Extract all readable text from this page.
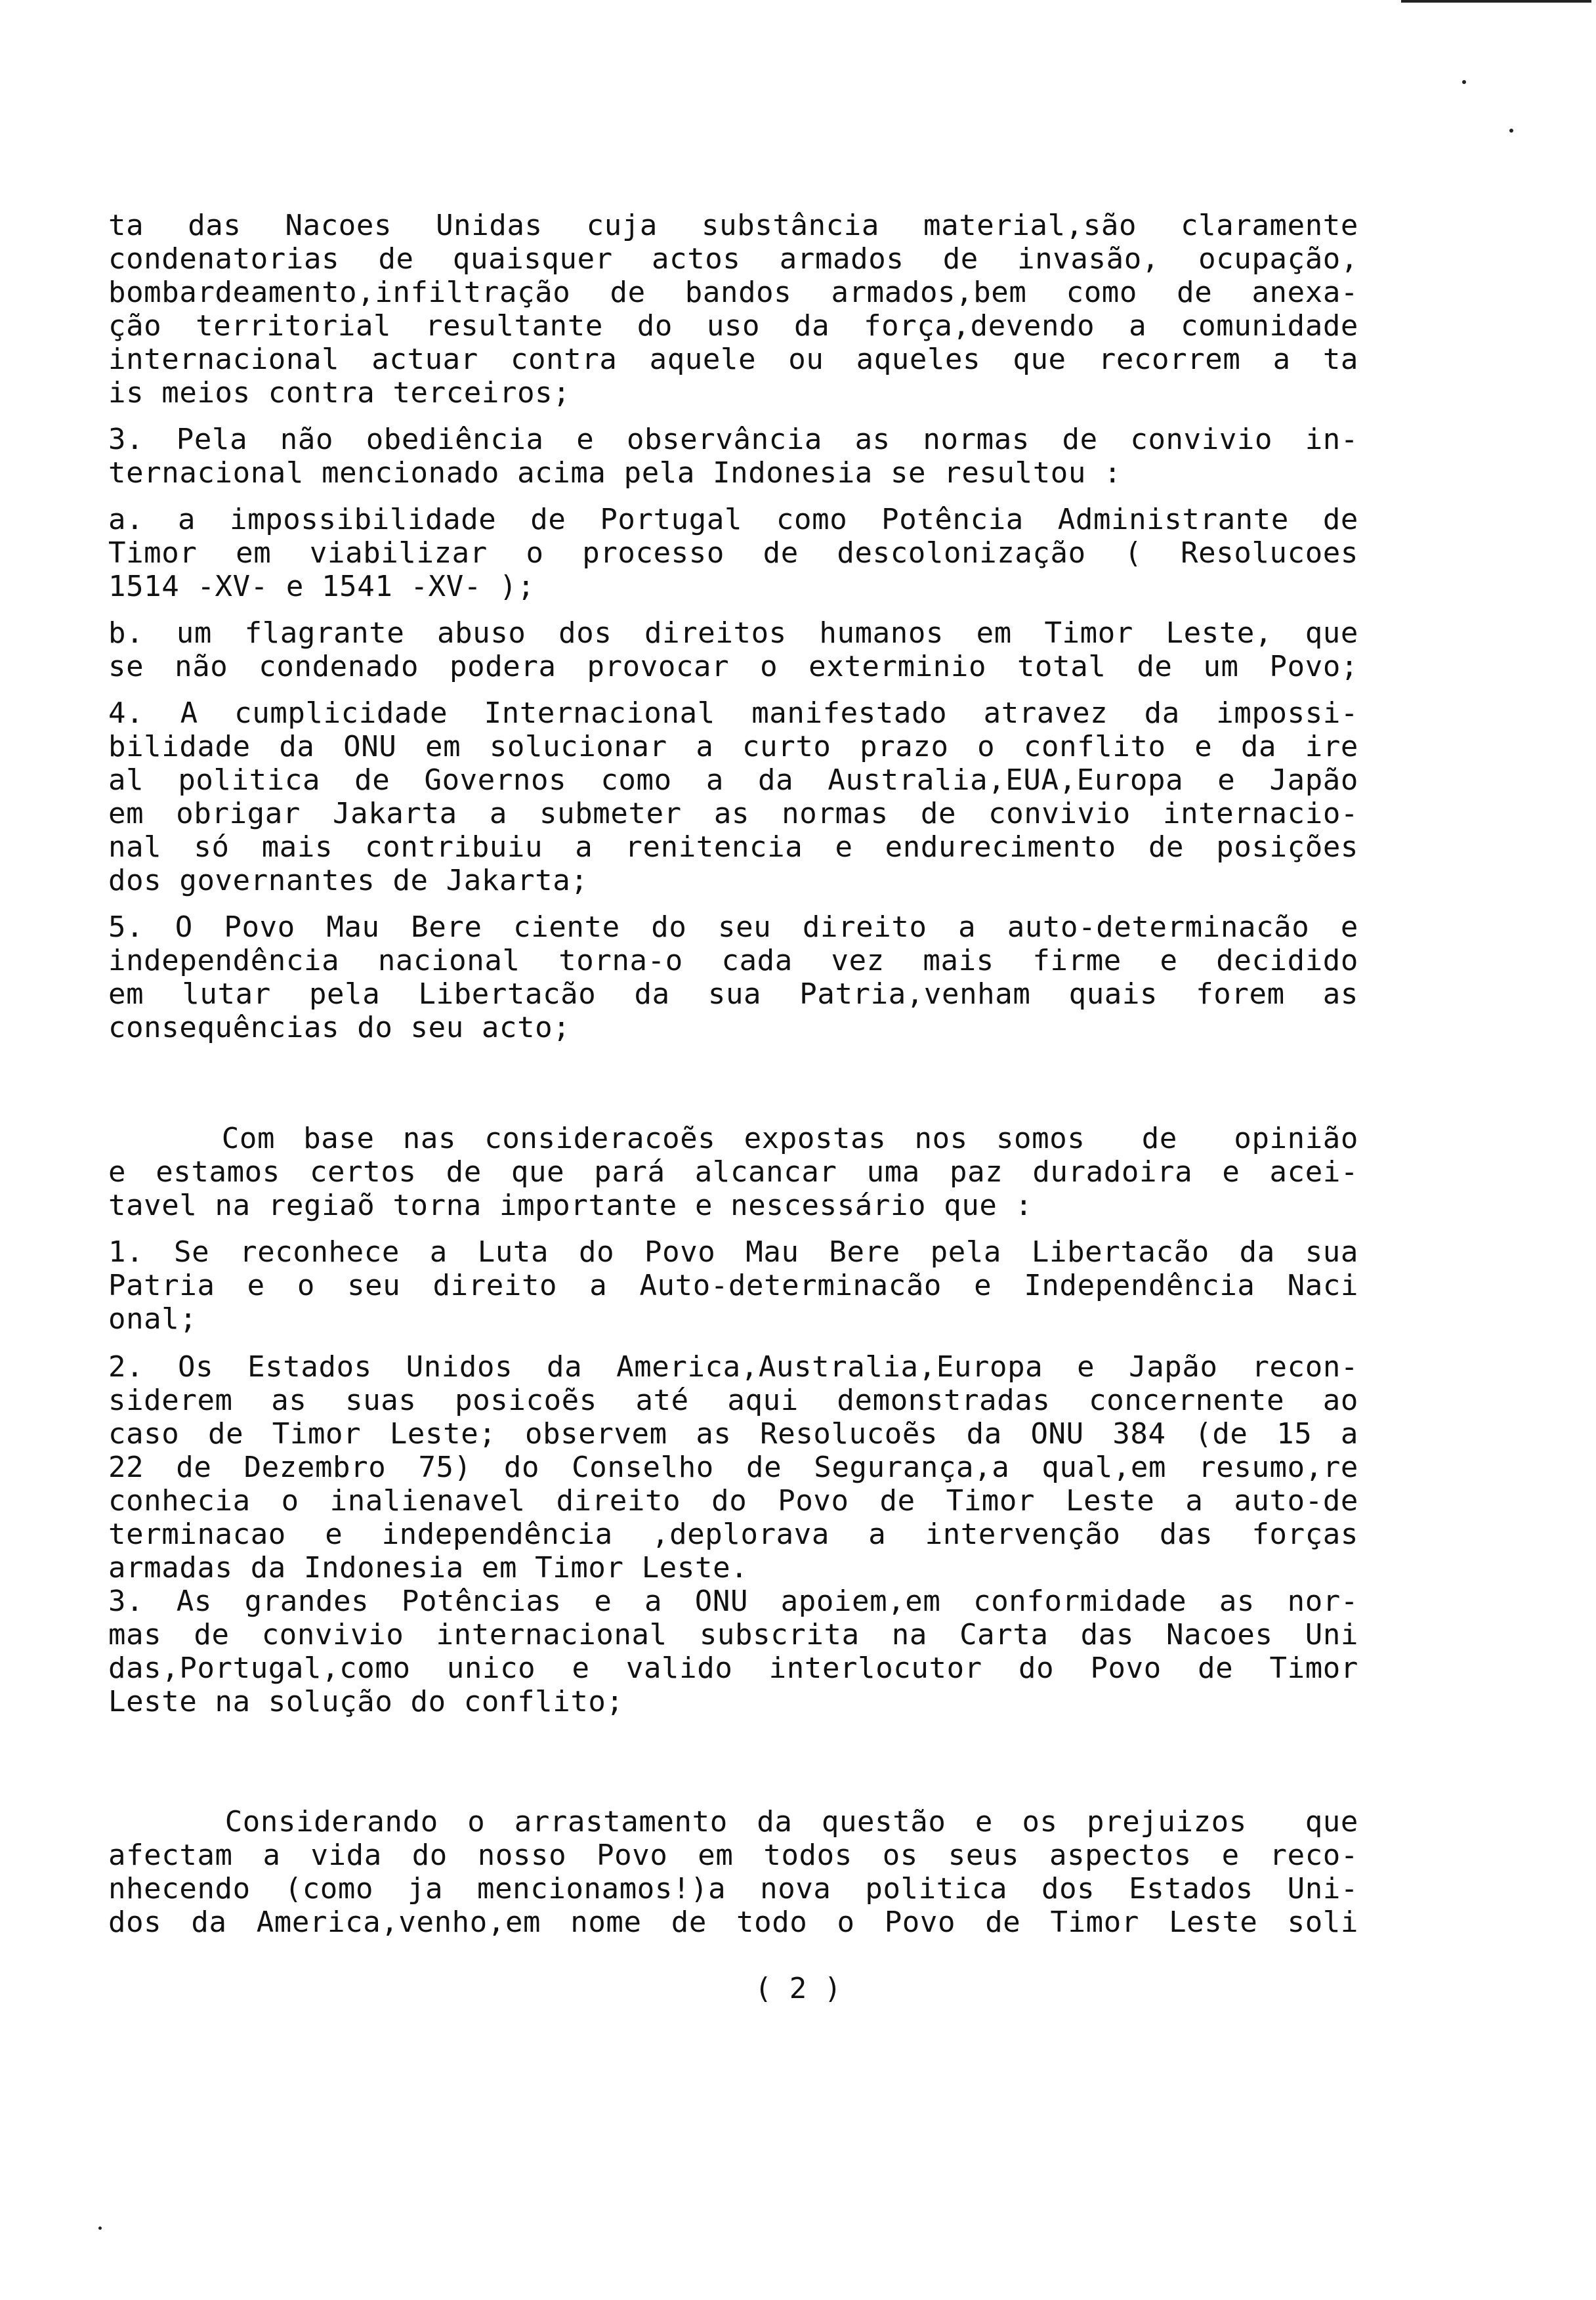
ta das Nacoes Unidas cuja substância material,são claramente
condenatorias de quaisquer actos armados de invasão, ocupação,
bombardeamento,infiltração de bandos armados,bem como de anexa-
ção territorial resultante do uso da força,devendo a comunidade
internacional actuar contra aquele ou aqueles que recorrem a ta
is meios contra terceiros;

3. Pela não obediência e observância as normas de convivio in-
ternacional mencionado acima pela Indonesia se resultou :

a. a impossibilidade de Portugal como Potência Administrante de
Timor em viabilizar o processo de descolonização ( Resolucoes
1514 -XV- e 1541 -XV- );

b. um flagrante abuso dos direitos humanos em Timor Leste, que
se não condenado podera provocar o exterminio total de um Povo;

4. A cumplicidade Internacional manifestado atravez da impossi-
bilidade da ONU em solucionar a curto prazo o conflito e da ire
al politica de Governos como a da Australia,EUA,Europa e Japão
em obrigar Jakarta a submeter as normas de convivio internacio-
nal só mais contribuiu a renitencia e endurecimento de posições
dos governantes de Jakarta;

5. O Povo Mau Bere ciente do seu direito a auto-determinacão e
independência nacional torna-o cada vez mais firme e decidido
em lutar pela Libertacão da sua Patria,venham quais forem as
consequências do seu acto;

Com base nas consideracoẽs expostas nos somos  de  opinião
e estamos certos de que pará alcancar uma paz duradoira e acei-
tavel na regiaõ torna importante e nescessário que :

1. Se reconhece a Luta do Povo Mau Bere pela Libertacão da sua
Patria e o seu direito a Auto-determinacão e Independência Naci
onal;

2. Os Estados Unidos da America,Australia,Europa e Japão recon-
siderem as suas posicoẽs até aqui demonstradas concernente ao
caso de Timor Leste; observem as Resolucoẽs da ONU 384 (de 15 a
22 de Dezembro 75) do Conselho de Segurança,a qual,em resumo,re
conhecia o inalienavel direito do Povo de Timor Leste a auto-de
terminacao e independência ,deplorava a intervenção das forças
armadas da Indonesia em Timor Leste.

3. As grandes Potências e a ONU apoiem,em conformidade as nor-
mas de convivio internacional subscrita na Carta das Nacoes Uni
das,Portugal,como unico e valido interlocutor do Povo de Timor
Leste na solução do conflito;

Considerando o arrastamento da questão e os prejuizos  que
afectam a vida do nosso Povo em todos os seus aspectos e reco-
nhecendo (como ja mencionamos!)a nova politica dos Estados Uni-
dos da America,venho,em nome de todo o Povo de Timor Leste soli

( 2 )
